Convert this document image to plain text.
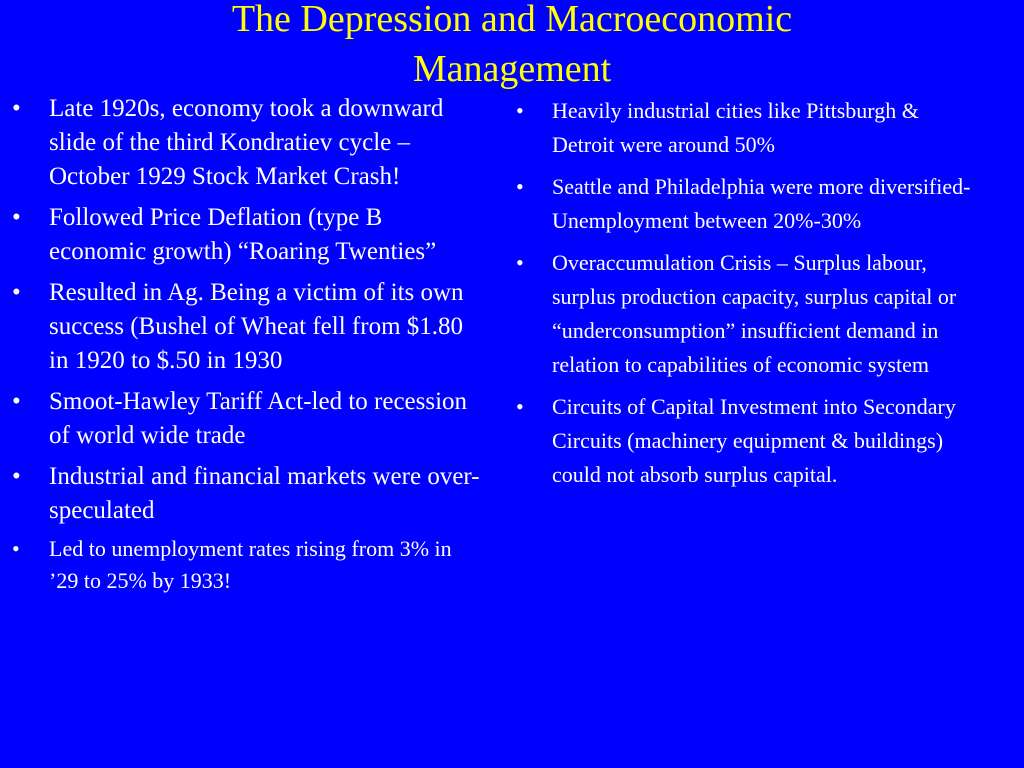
The Depression and Macroeconomic Management
• Late 1920s, economy took a downward slide of the third Kondratiev cycle – October 1929 Stock Market Crash!
• Followed Price Deflation (type B economic growth) “Roaring Twenties”
• Resulted in Ag. Being a victim of its own success (Bushel of Wheat fell from $1.80 in 1920 to $.50 in 1930
• Smoot-Hawley Tariff Act-led to recession of world wide trade
• Industrial and financial markets were over-speculated
• Led to unemployment rates rising from 3% in ’29 to 25% by 1933!
• Heavily industrial cities like Pittsburgh & Detroit were around 50%
• Seattle and Philadelphia were more diversified-Unemployment between 20%-30%
• Overaccumulation Crisis – Surplus labour, surplus production capacity, surplus capital or “underconsumption” insufficient demand in relation to capabilities of economic system
• Circuits of Capital Investment into Secondary Circuits (machinery equipment & buildings) could not absorb surplus capital.
